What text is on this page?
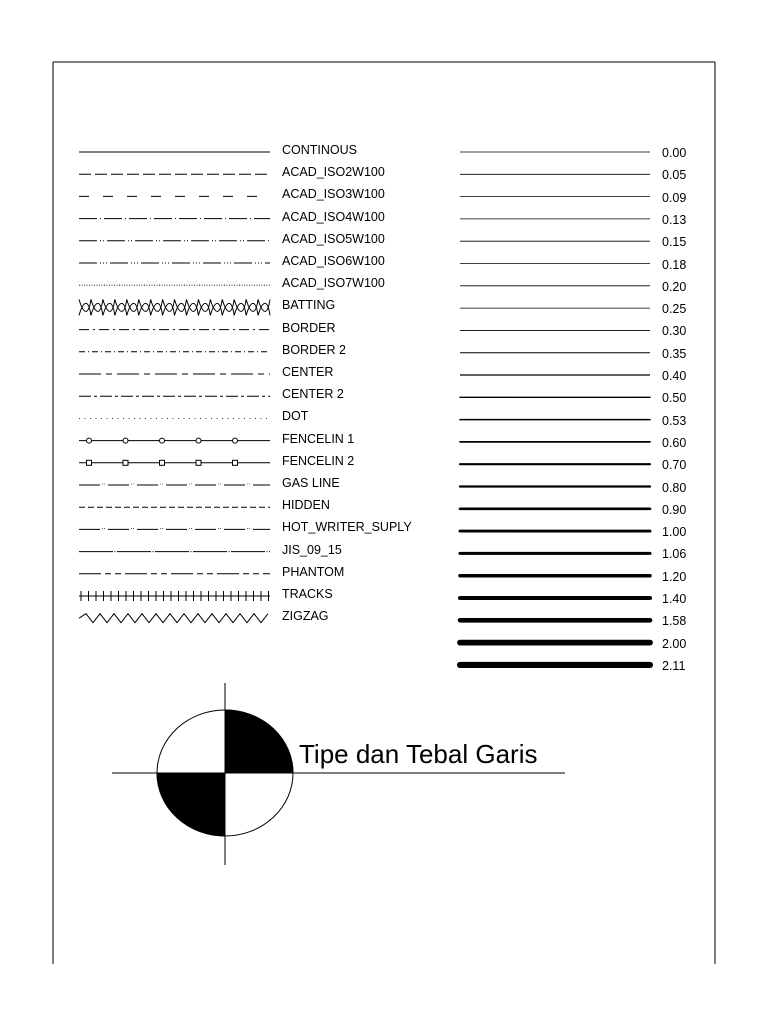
CONTINOUS
ACAD_ISO2W100
ACAD_ISO3W100
ACAD_ISO4W100
ACAD_ISO5W100
ACAD_ISO6W100
ACAD_ISO7W100
BATTING
BORDER
BORDER 2
CENTER
CENTER 2
DOT
FENCELIN 1
FENCELIN 2
GAS LINE
HIDDEN
HOT_WRITER_SUPLY
JIS_09_15
PHANTOM
TRACKS
ZIGZAG
0.00
0.05
0.09
0.13
0.15
0.18
0.20
0.25
0.30
0.35
0.40
0.50
0.53
0.60
0.70
0.80
0.90
1.00
1.06
1.20
1.40
1.58
2.00
2.11
Tipe dan Tebal Garis
